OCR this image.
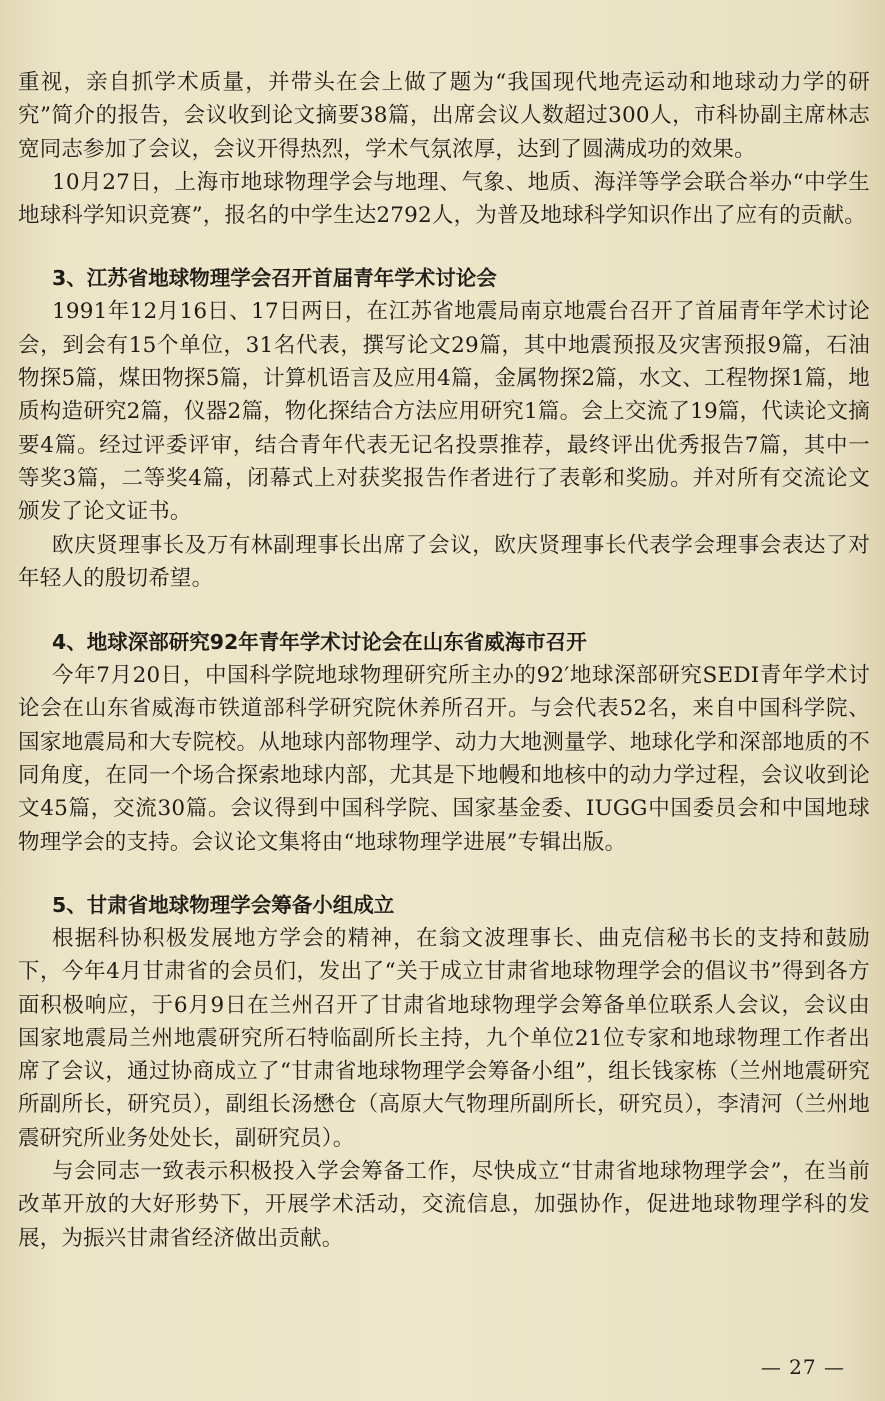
重视，亲自抓学术质量，并带头在会上做了题为“我国现代地壳运动和地球动力学的研究”简介的报告，会议收到论文摘要38篇，出席会议人数超过300人，市科协副主席林志宽同志参加了会议，会议开得热烈，学术气氛浓厚，达到了圆满成功的效果。

10月27日，上海市地球物理学会与地理、气象、地质、海洋等学会联合举办“中学生地球科学知识竞赛”，报名的中学生达2792人，为普及地球科学知识作出了应有的贡献。

3、江苏省地球物理学会召开首届青年学术讨论会

1991年12月16日、17日两日，在江苏省地震局南京地震台召开了首届青年学术讨论会，到会有15个单位，31名代表，撰写论文29篇，其中地震预报及灾害预报9篇，石油物探5篇，煤田物探5篇，计算机语言及应用4篇，金属物探2篇，水文、工程物探1篇，地质构造研究2篇，仪器2篇，物化探结合方法应用研究1篇。会上交流了19篇，代读论文摘要4篇。经过评委评审，结合青年代表无记名投票推荐，最终评出优秀报告7篇，其中一等奖3篇，二等奖4篇，闭幕式上对获奖报告作者进行了表彰和奖励。并对所有交流论文颁发了论文证书。

欧庆贤理事长及万有林副理事长出席了会议，欧庆贤理事长代表学会理事会表达了对年轻人的殷切希望。

4、地球深部研究92年青年学术讨论会在山东省威海市召开

今年7月20日，中国科学院地球物理研究所主办的92′地球深部研究SEDI青年学术讨论会在山东省威海市铁道部科学研究院休养所召开。与会代表52名，来自中国科学院、国家地震局和大专院校。从地球内部物理学、动力大地测量学、地球化学和深部地质的不同角度，在同一个场合探索地球内部，尤其是下地幔和地核中的动力学过程，会议收到论文45篇，交流30篇。会议得到中国科学院、国家基金委、IUGG中国委员会和中国地球物理学会的支持。会议论文集将由“地球物理学进展”专辑出版。

5、甘肃省地球物理学会筹备小组成立

根据科协积极发展地方学会的精神，在翁文波理事长、曲克信秘书长的支持和鼓励下，今年4月甘肃省的会员们，发出了“关于成立甘肃省地球物理学会的倡议书”得到各方面积极响应，于6月9日在兰州召开了甘肃省地球物理学会筹备单位联系人会议，会议由国家地震局兰州地震研究所石特临副所长主持，九个单位21位专家和地球物理工作者出席了会议，通过协商成立了“甘肃省地球物理学会筹备小组”，组长钱家栋（兰州地震研究所副所长，研究员），副组长汤懋仓（高原大气物理所副所长，研究员），李清河（兰州地震研究所业务处处长，副研究员）。

与会同志一致表示积极投入学会筹备工作，尽快成立“甘肃省地球物理学会”，在当前改革开放的大好形势下，开展学术活动，交流信息，加强协作，促进地球物理学科的发展，为振兴甘肃省经济做出贡献。

— 27 —
